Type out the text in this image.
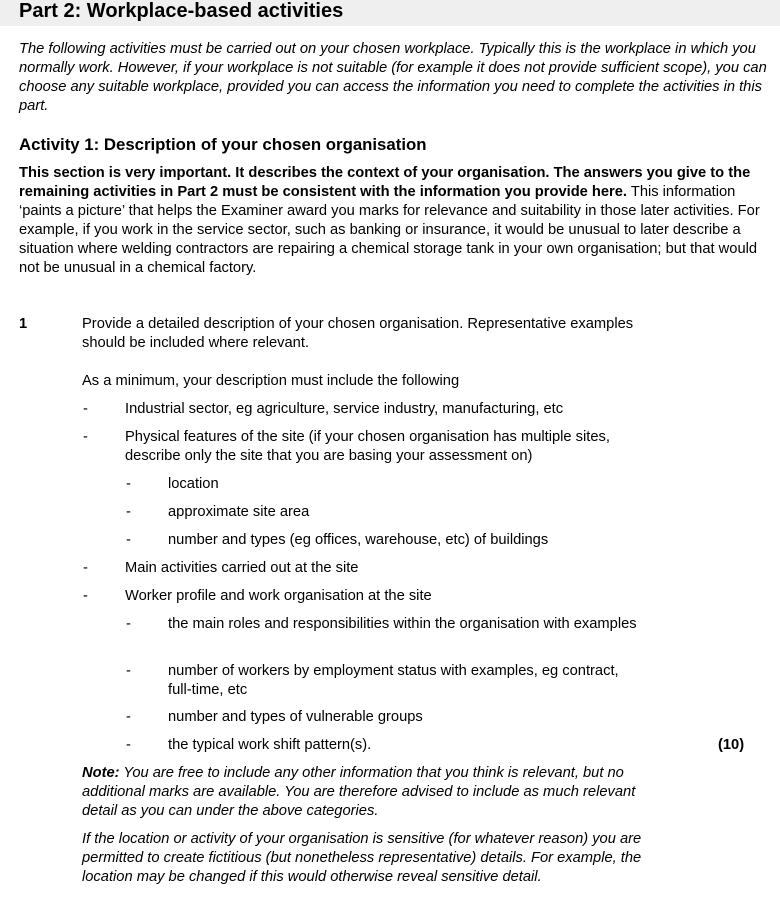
Part 2: Workplace-based activities

The following activities must be carried out on your chosen workplace. Typically this is the workplace in which you normally work. However, if your workplace is not suitable (for example it does not provide sufficient scope), you can choose any suitable workplace, provided you can access the information you need to complete the activities in this part.

Activity 1: Description of your chosen organisation

This section is very important. It describes the context of your organisation. The answers you give to the remaining activities in Part 2 must be consistent with the information you provide here. This information ‘paints a picture’ that helps the Examiner award you marks for relevance and suitability in those later activities. For example, if you work in the service sector, such as banking or insurance, it would be unusual to later describe a situation where welding contractors are repairing a chemical storage tank in your own organisation; but that would not be unusual in a chemical factory.

1	Provide a detailed description of your chosen organisation. Representative examples should be included where relevant.

As a minimum, your description must include the following

-	Industrial sector, eg agriculture, service industry, manufacturing, etc

-	Physical features of the site (if your chosen organisation has multiple sites, describe only the site that you are basing your assessment on)

-	location

-	approximate site area

-	number and types (eg offices, warehouse, etc) of buildings

-	Main activities carried out at the site

-	Worker profile and work organisation at the site

-	the main roles and responsibilities within the organisation with examples

-	number of workers by employment status with examples, eg contract, full-time, etc

-	number and types of vulnerable groups

-	the typical work shift pattern(s).	(10)

Note: You are free to include any other information that you think is relevant, but no additional marks are available. You are therefore advised to include as much relevant detail as you can under the above categories.

If the location or activity of your organisation is sensitive (for whatever reason) you are permitted to create fictitious (but nonetheless representative) details. For example, the location may be changed if this would otherwise reveal sensitive detail.
